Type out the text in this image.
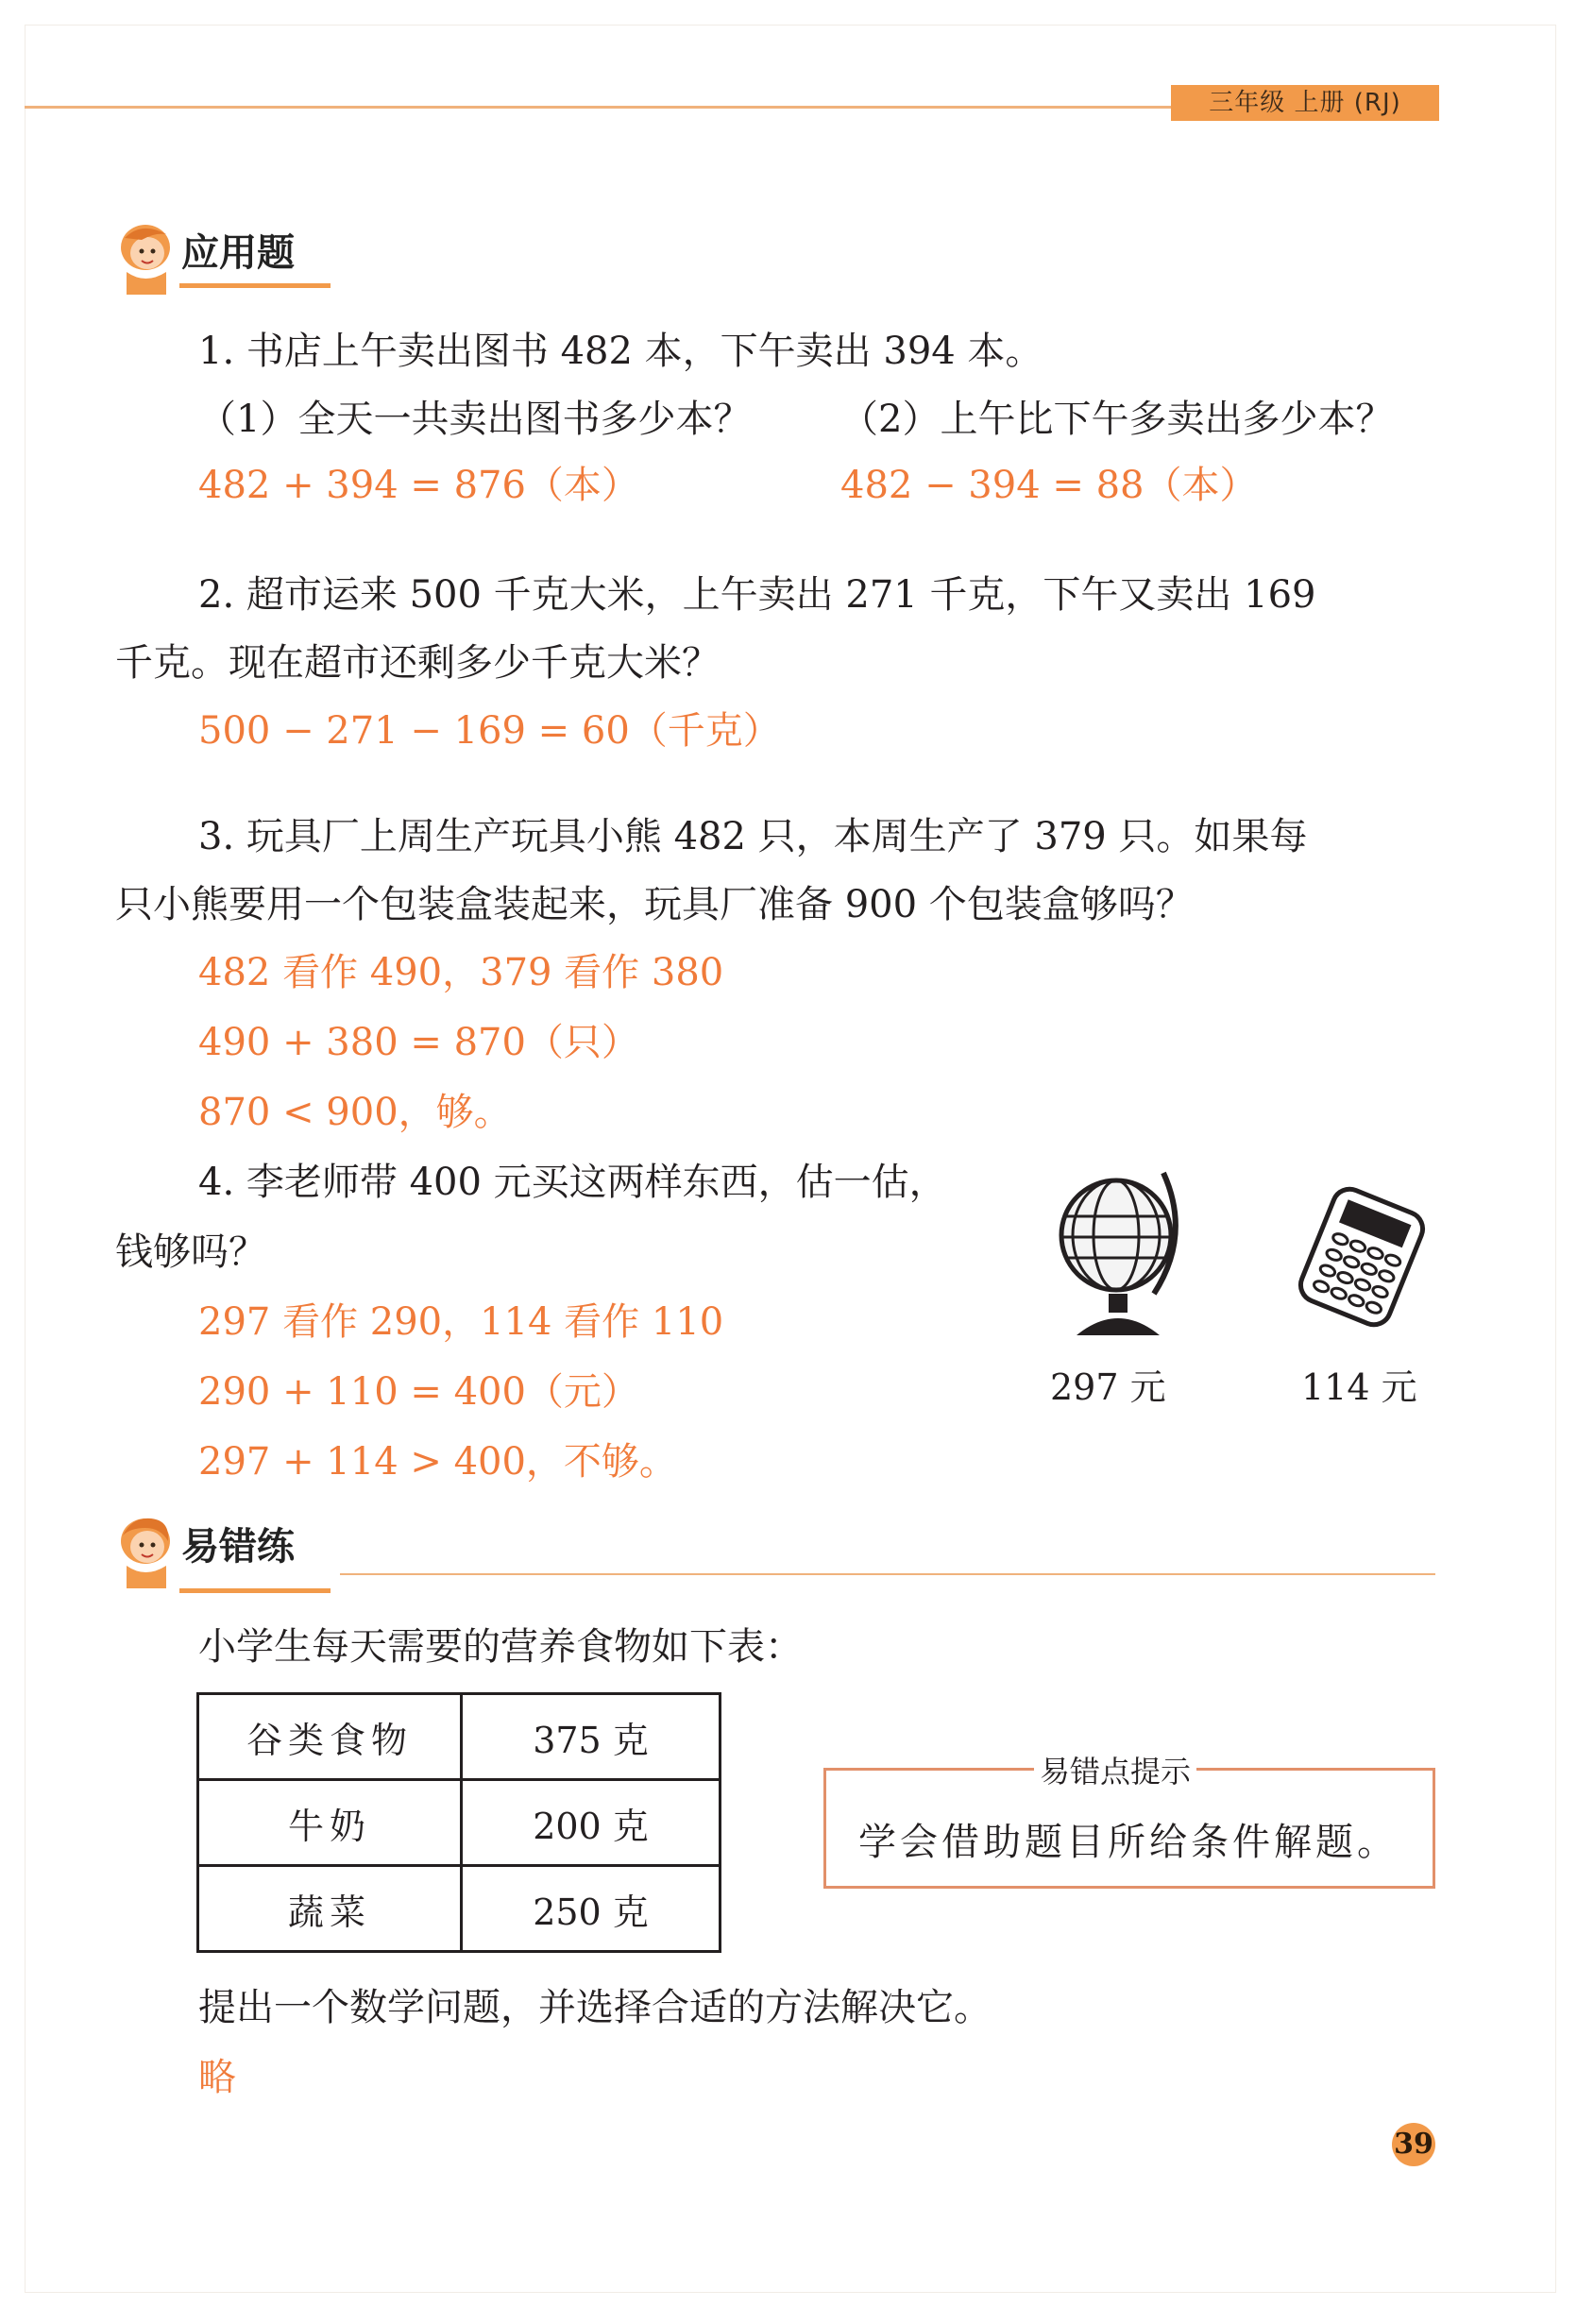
三年级 上册 (RJ)
应用题
1. 书店上午卖出图书 482 本，下午卖出 394 本。
（1）全天一共卖出图书多少本？ （2）上午比下午多卖出多少本？
482 + 394 = 876（本）	482 − 394 = 88（本）
2. 超市运来 500 千克大米，上午卖出 271 千克，下午又卖出 169
千克。现在超市还剩多少千克大米？
500 − 271 − 169 = 60（千克）
3. 玩具厂上周生产玩具小熊 482 只，本周生产了 379 只。如果每
只小熊要用一个包装盒装起来，玩具厂准备 900 个包装盒够吗？
482 看作 490，379 看作 380
490 + 380 = 870（只）
870 < 900，够。
4. 李老师带 400 元买这两样东西，估一估，
钱够吗？
297 看作 290，114 看作 110
290 + 110 = 400（元）
297 + 114 > 400，不够。
297 元	114 元
易错练
小学生每天需要的营养食物如下表：
谷类食物	375 克
牛奶	200 克
蔬菜	250 克
易错点提示
学会借助题目所给条件解题。
提出一个数学问题，并选择合适的方法解决它。
略
39
